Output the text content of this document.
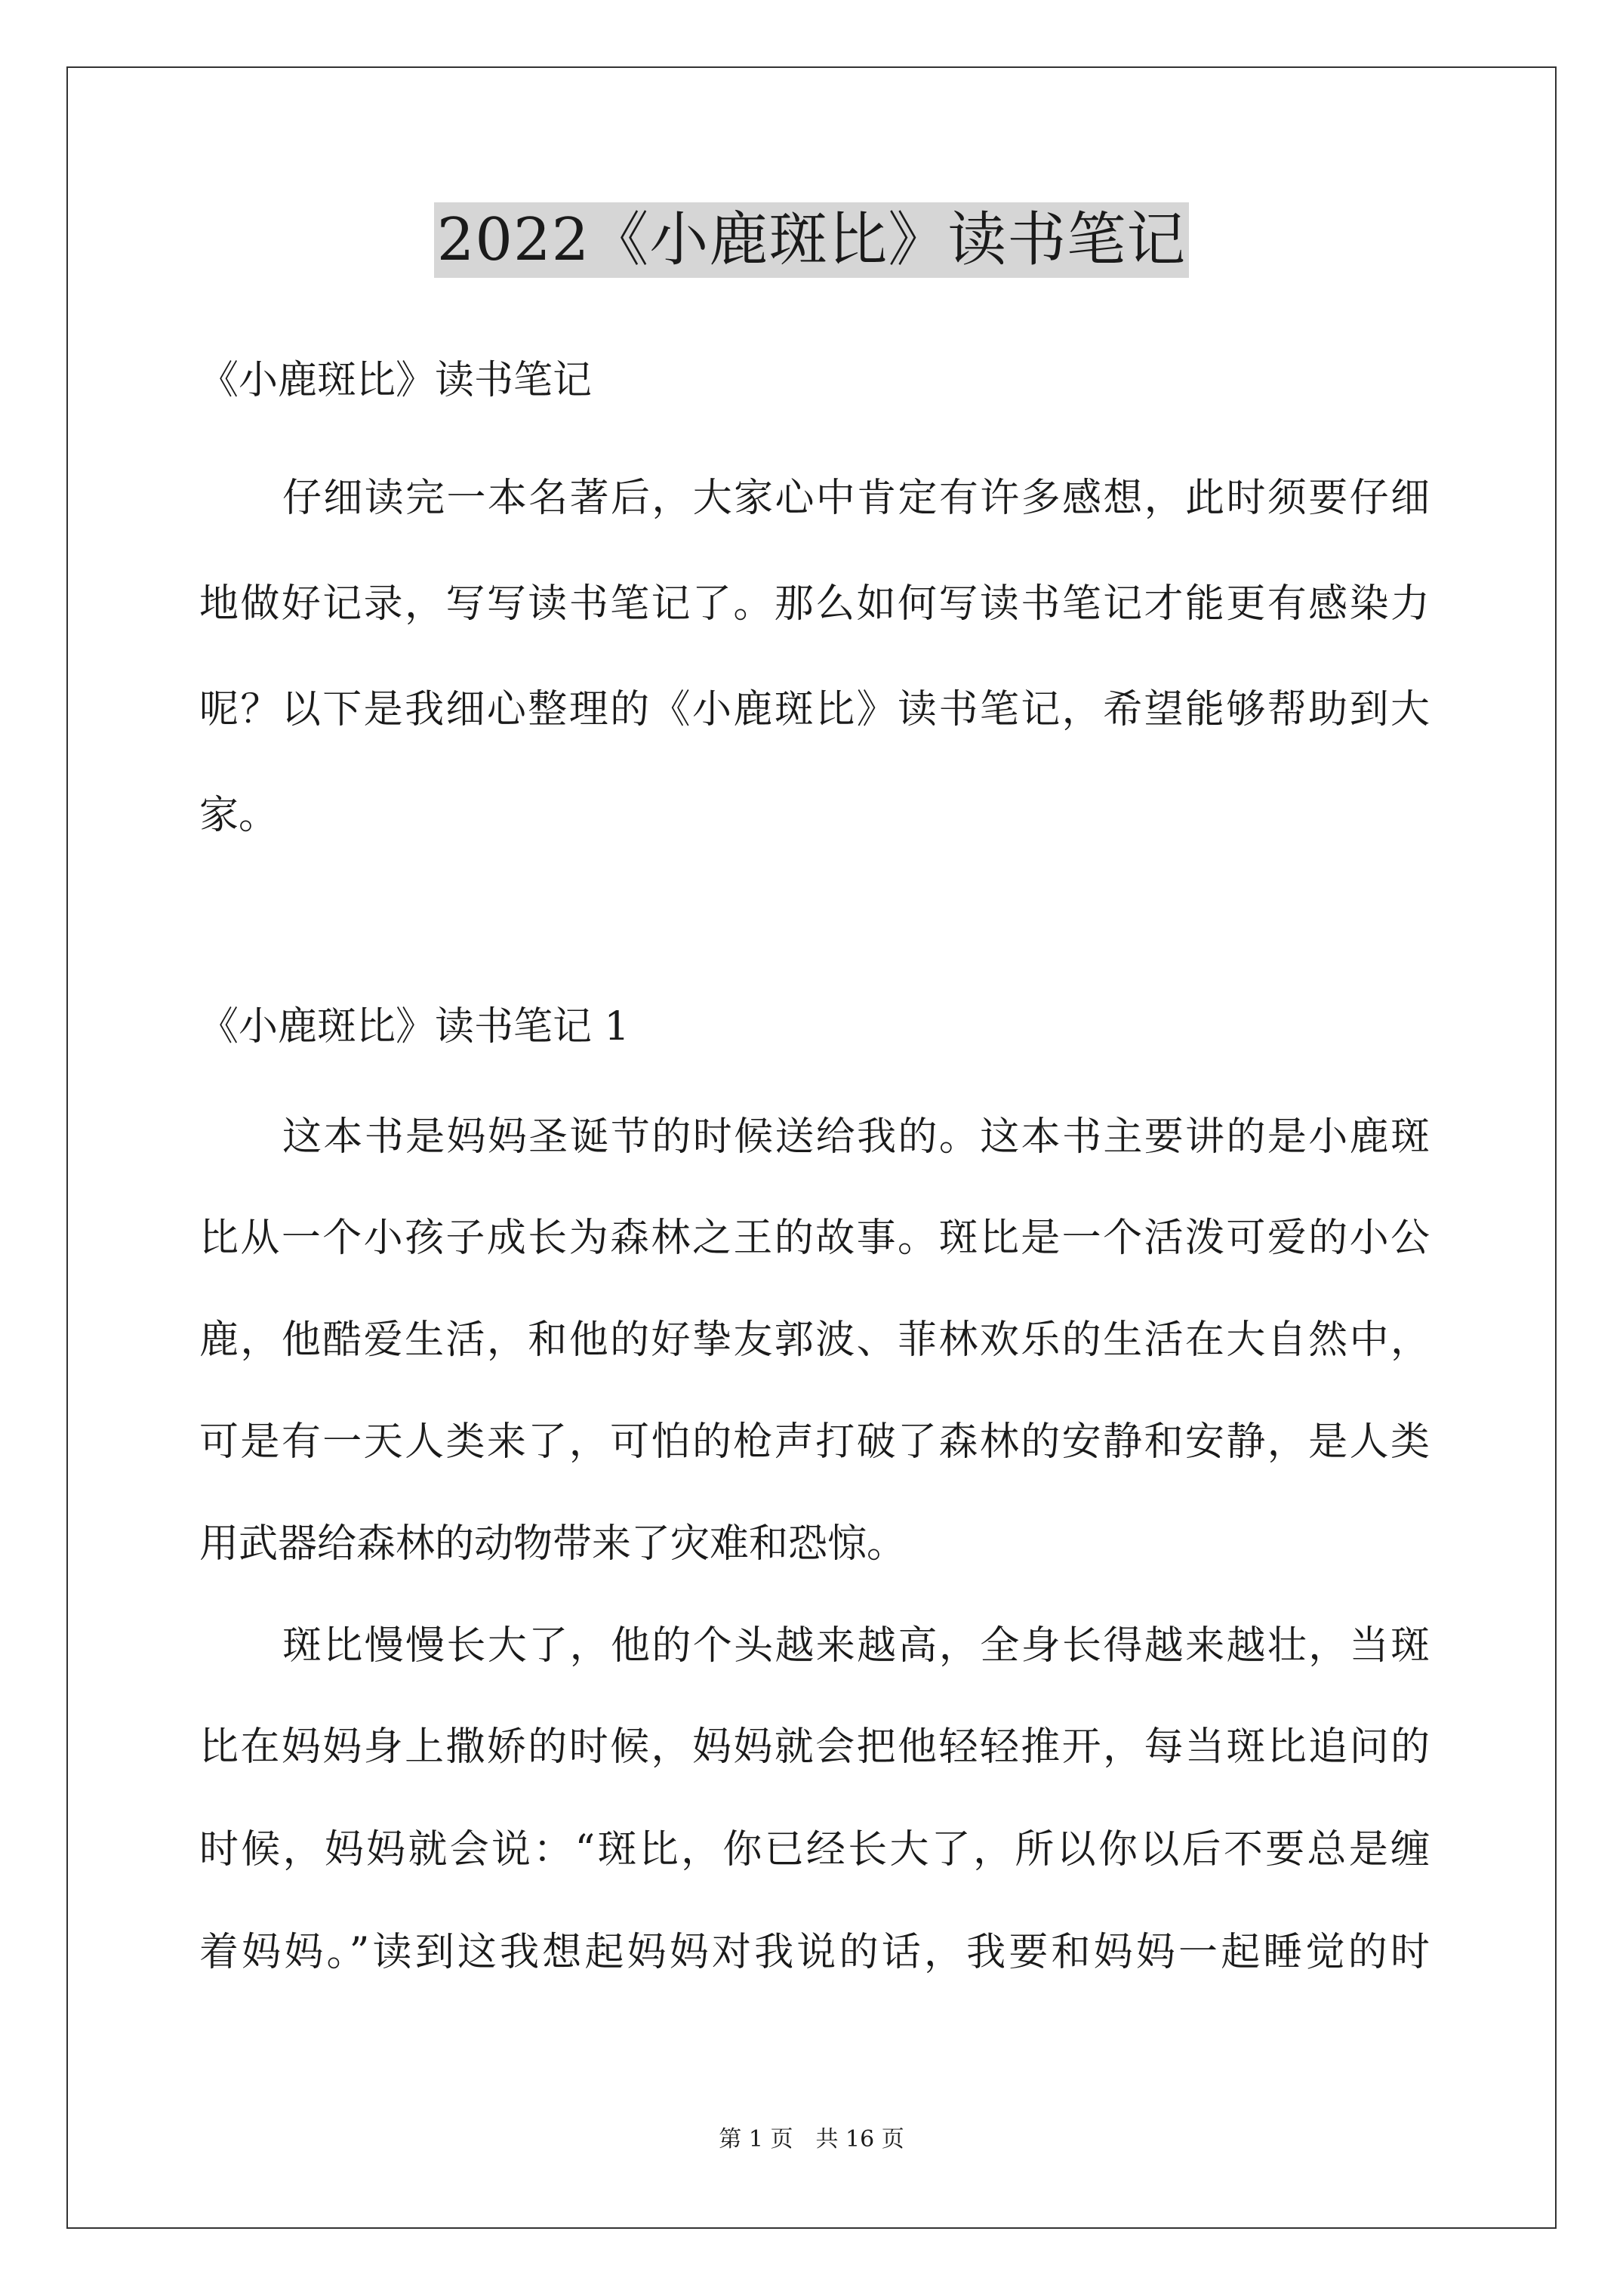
2022《小鹿斑比》读书笔记
《小鹿斑比》读书笔记
仔细读完一本名著后，大家心中肯定有许多感想，此时须要仔细
地做好记录，写写读书笔记了。那么如何写读书笔记才能更有感染力
呢？以下是我细心整理的《小鹿斑比》读书笔记，希望能够帮助到大
家。
《小鹿斑比》读书笔记 1
这本书是妈妈圣诞节的时候送给我的。这本书主要讲的是小鹿斑
比从一个小孩子成长为森林之王的故事。斑比是一个活泼可爱的小公
鹿，他酷爱生活，和他的好挚友郭波、菲林欢乐的生活在大自然中，
可是有一天人类来了，可怕的枪声打破了森林的安静和安静，是人类
用武器给森林的动物带来了灾难和恐惊。
斑比慢慢长大了，他的个头越来越高，全身长得越来越壮，当斑
比在妈妈身上撒娇的时候，妈妈就会把他轻轻推开，每当斑比追问的
时候，妈妈就会说：“斑比，你已经长大了，所以你以后不要总是缠
着妈妈。”读到这我想起妈妈对我说的话，我要和妈妈一起睡觉的时
第 1 页　共 16 页
